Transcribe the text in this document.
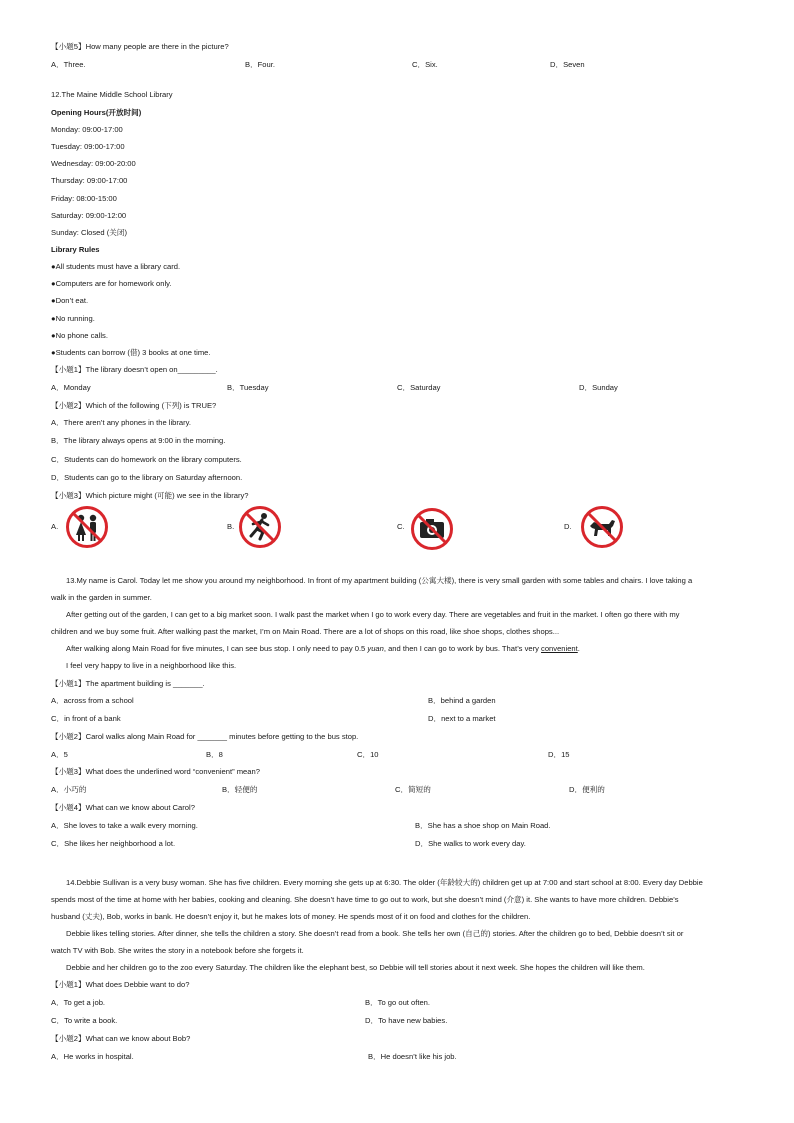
【小题5】How many people are there in the picture?
A．Three.	B．Four.	C．Six.	D．Seven
12.The Maine Middle School Library
Opening Hours(开放时间)
Monday: 09:00-17:00
Tuesday: 09:00-17:00
Wednesday: 09:00-20:00
Thursday: 09:00-17:00
Friday: 08:00-15:00
Saturday: 09:00-12:00
Sunday: Closed (关闭)
Library Rules
●All students must have a library card.
●Computers are for homework only.
●Don’t eat.
●No running.
●No phone calls.
●Students can borrow (借) 3 books at one time.
【小题1】The library doesn’t open on_________.
A．Monday	B．Tuesday	C．Saturday	D．Sunday
【小题2】Which of the following (下列) is TRUE?
A．There aren’t any phones in the library.
B．The library always opens at 9:00 in the morning.
C．Students can do homework on the library computers.
D．Students can go to the library on Saturday afternoon.
【小题3】Which picture might (可能) we see in the library?
A.	B.	C.	D.
13.My name is Carol. Today let me show you around my neighborhood. In front of my apartment building (公寓大楼), there is very small garden with some tables and chairs. I love taking a
walk in the garden in summer.
After getting out of the garden, I can get to a big market soon. I walk past the market when I go to work every day. There are vegetables and fruit in the market. I often go there with my
children and we buy some fruit. After walking past the market, I’m on Main Road. There are a lot of shops on this road, like shoe shops, clothes shops...
After walking along Main Road for five minutes, I can see bus stop. I only need to pay 0.5 yuan, and then I can go to work by bus. That’s very convenient.
I feel very happy to live in a neighborhood like this.
【小题1】The apartment building is _______.
A．across from a school	B．behind a garden
C．in front of a bank	D．next to a market
【小题2】Carol walks along Main Road for _______ minutes before getting to the bus stop.
A．5	B．8	C．10	D．15
【小题3】What does the underlined word “convenient” mean?
A．小巧的	B．轻便的	C．简短的	D．便利的
【小题4】What can we know about Carol?
A．She loves to take a walk every morning.	B．She has a shoe shop on Main Road.
C．She likes her neighborhood a lot.	D．She walks to work every day.
14.Debbie Sullivan is a very busy woman. She has five children. Every morning she gets up at 6:30. The older (年龄较大的) children get up at 7:00 and start school at 8:00. Every day Debbie
spends most of the time at home with her babies, cooking and cleaning. She doesn’t have time to go out to work, but she doesn’t mind (介意) it. She wants to have more children. Debbie’s
husband (丈夫), Bob, works in bank. He doesn’t enjoy it, but he makes lots of money. He spends most of it on food and clothes for the children.
Debbie likes telling stories. After dinner, she tells the children a story. She doesn’t read from a book. She tells her own (自己的) stories. After the children go to bed, Debbie doesn’t sit or
watch TV with Bob. She writes the story in a notebook before she forgets it.
Debbie and her children go to the zoo every Saturday. The children like the elephant best, so Debbie will tell stories about it next week. She hopes the children will like them.
【小题1】What does Debbie want to do?
A．To get a job.	B．To go out often.
C．To write a book.	D．To have new babies.
【小题2】What can we know about Bob?
A．He works in hospital.	B．He doesn’t like his job.
